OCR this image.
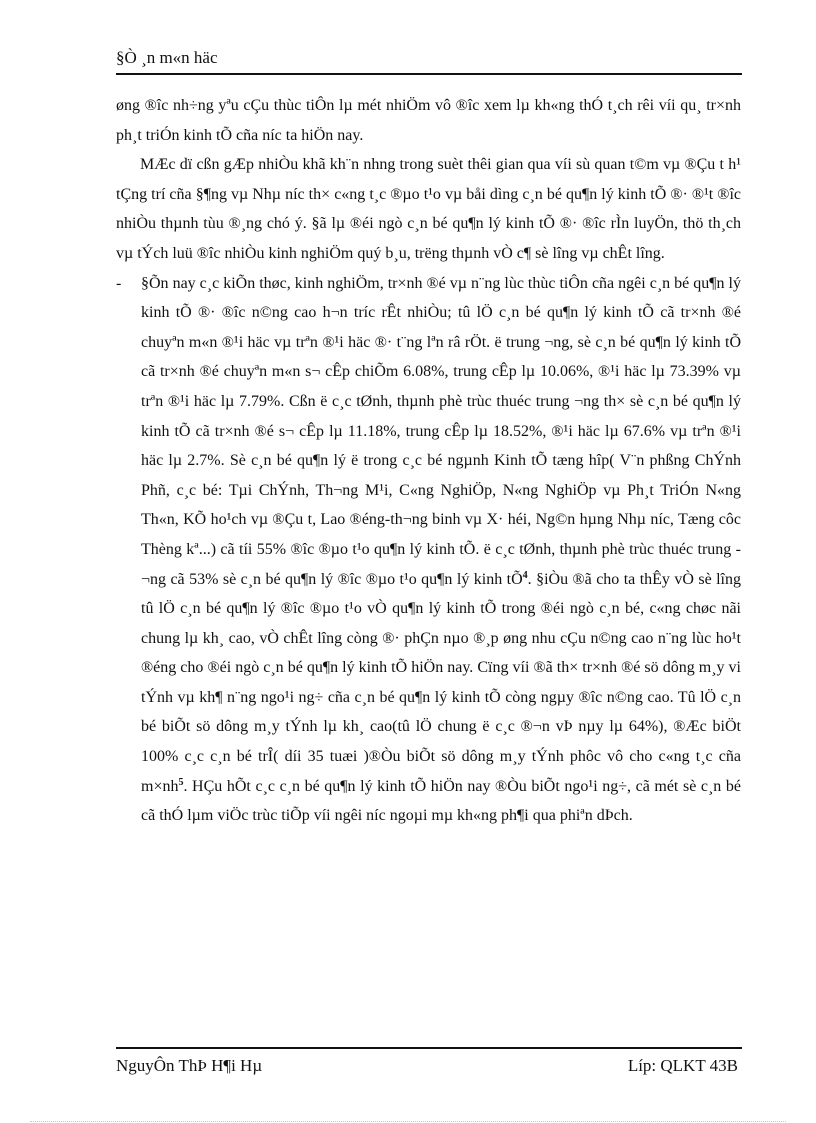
§Ò ¸n m«n häc

øng ®îc nh÷ng yªu cÇu thùc tiÔn lµ mét nhiÖm vô ®îc xem lµ kh«ng thÓ t¸ch rêi víi qu¸ tr×nh ph¸t triÓn kinh tÕ cña níc ta hiÖn nay.

MÆc dï cßn gÆp nhiÒu khã kh¨n nhng trong suèt thêi gian qua víi sù quan t©m vµ ®Çu t h¹ tÇng trí cña §¶ng vµ Nhµ níc th× c«ng t¸c ®µo t¹o vµ båi dìng c¸n bé qu¶n lý kinh tÕ ®· ®¹t ®îc nhiÒu thµnh tùu ®¸ng chó ý. §ã lµ ®éi ngò c¸n bé qu¶n lý kinh tÕ ®· ®îc rÌn luyÖn, thö th¸ch vµ tÝch luü ®îc nhiÒu kinh nghiÖm quý b¸u, trëng thµnh vÒ c¶ sè lîng vµ chÊt lîng.

- §Õn nay c¸c kiÕn thøc, kinh nghiÖm, tr×nh ®é vµ n¨ng lùc thùc tiÔn cña ngêi c¸n bé qu¶n lý kinh tÕ ®· ®îc n©ng cao h¬n tríc rÊt nhiÒu; tû lÖ c¸n bé qu¶n lý kinh tÕ cã tr×nh ®é chuyªn m«n ®¹i häc vµ trªn ®¹i häc ®· t¨ng lªn râ rÖt. ë trung ¬ng, sè c¸n bé qu¶n lý kinh tÕ cã tr×nh ®é chuyªn m«n s¬ cÊp chiÕm 6.08%, trung cÊp lµ 10.06%, ®¹i häc lµ 73.39% vµ trªn ®¹i häc lµ 7.79%. Cßn ë c¸c tØnh, thµnh phè trùc thuéc trung ¬ng th× sè c¸n bé qu¶n lý kinh tÕ cã tr×nh ®é s¬ cÊp lµ 11.18%, trung cÊp lµ 18.52%, ®¹i häc lµ 67.6% vµ trªn ®¹i häc lµ 2.7%. Sè c¸n bé qu¶n lý ë trong c¸c bé ngµnh Kinh tÕ tæng hîp( V¨n phßng ChÝnh Phñ, c¸c bé: Tµi ChÝnh, Th¬ng M¹i, C«ng NghiÖp, N«ng NghiÖp vµ Ph¸t TriÓn N«ng Th«n, KÕ ho¹ch vµ ®Çu t, Lao ®éng-th¬ng binh vµ X· héi, Ng©n hµng Nhµ níc, Tæng côc Thèng kª...) cã tíi 55% ®îc ®µo t¹o qu¶n lý kinh tÕ. ë c¸c tØnh, thµnh phè trùc thuéc trung ¬ng cã 53% sè c¸n bé qu¶n lý ®îc ®µo t¹o qu¶n lý kinh $tÕ^4$. §iÒu ®ã cho ta thÊy vÒ sè lîng tû lÖ c¸n bé qu¶n lý ®îc ®µo t¹o vÒ qu¶n lý kinh tÕ trong ®éi ngò c¸n bé, c«ng chøc nãi chung lµ kh¸ cao, vÒ chÊt lîng còng ®· phÇn nµo ®¸p øng nhu cÇu n©ng cao n¨ng lùc ho¹t ®éng cho ®éi ngò c¸n bé qu¶n lý kinh tÕ hiÖn nay. Cïng víi ®ã th× tr×nh ®é sö dông m¸y vi tÝnh vµ kh¶ n¨ng ngo¹i ng÷ cña c¸n bé qu¶n lý kinh tÕ còng ngµy ®îc n©ng cao. Tû lÖ c¸n bé biÕt sö dông m¸y tÝnh lµ kh¸ cao(tû lÖ chung ë c¸c ®¬n vÞ nµy lµ 64%), ®Æc biÖt 100% c¸c c¸n bé trÎ( díi 35 tuæi )®Òu biÕt sö dông m¸y tÝnh phôc vô cho c«ng t¸c cña $m\times nh^5$. HÇu hÕt c¸c c¸n bé qu¶n lý kinh tÕ hiÖn nay ®Òu biÕt ngo¹i ng÷, cã mét sè c¸n bé cã thÓ lµm viÖc trùc tiÕp víi ngêi níc ngoµi mµ kh«ng ph¶i qua phiªn dÞch.

NguyÔn ThÞ H¶i Hµ	Líp: QLKT 43B
